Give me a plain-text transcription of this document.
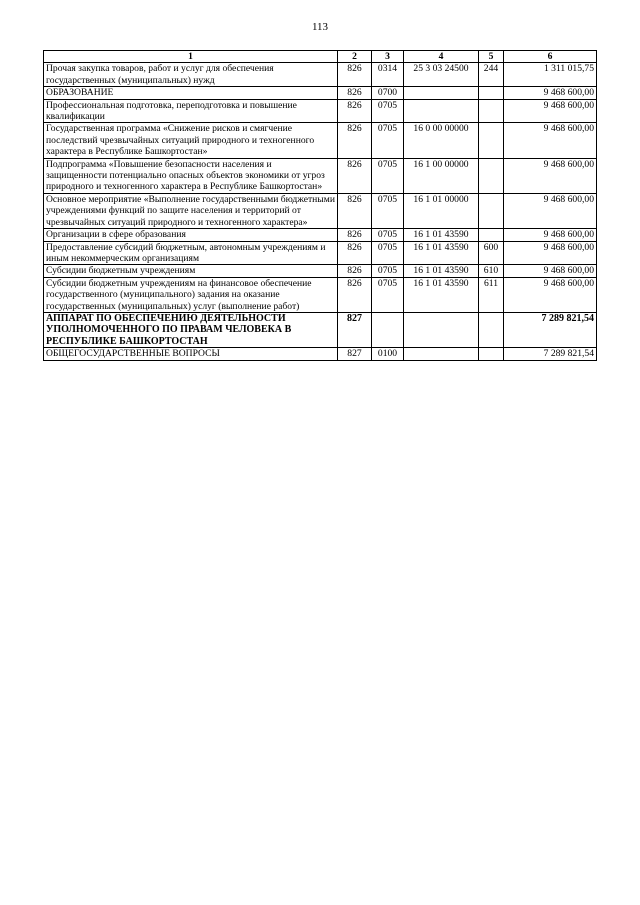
113
1	2	3	4	5	6
Прочая закупка товаров, работ и услуг для обеспечения государственных (муниципальных) нужд	826	0314	25 3 03 24500	244	1 311 015,75
ОБРАЗОВАНИЕ	826	0700			9 468 600,00
Профессиональная подготовка, переподготовка и повышение квалификации	826	0705			9 468 600,00
Государственная программа «Снижение рисков и смягчение последствий чрезвычайных ситуаций природного и техногенного характера в Республике Башкортостан»	826	0705	16 0 00 00000		9 468 600,00
Подпрограмма «Повышение безопасности населения и защищенности потенциально опасных объектов экономики от угроз природного и техногенного характера в Республике Башкортостан»	826	0705	16 1 00 00000		9 468 600,00
Основное мероприятие «Выполнение государственными бюджетными учреждениями функций по защите населения и территорий от чрезвычайных ситуаций природного и техногенного характера»	826	0705	16 1 01 00000		9 468 600,00
Организации в сфере образования	826	0705	16 1 01 43590		9 468 600,00
Предоставление субсидий бюджетным, автономным учреждениям и иным некоммерческим организациям	826	0705	16 1 01 43590	600	9 468 600,00
Субсидии бюджетным учреждениям	826	0705	16 1 01 43590	610	9 468 600,00
Субсидии бюджетным учреждениям на финансовое обеспечение государственного (муниципального) задания на оказание государственных (муниципальных) услуг (выполнение работ)	826	0705	16 1 01 43590	611	9 468 600,00
АППАРАТ ПО ОБЕСПЕЧЕНИЮ ДЕЯТЕЛЬНОСТИ УПОЛНОМОЧЕННОГО ПО ПРАВАМ ЧЕЛОВЕКА В РЕСПУБЛИКЕ БАШКОРТОСТАН	827				7 289 821,54
ОБЩЕГОСУДАРСТВЕННЫЕ ВОПРОСЫ	827	0100			7 289 821,54
